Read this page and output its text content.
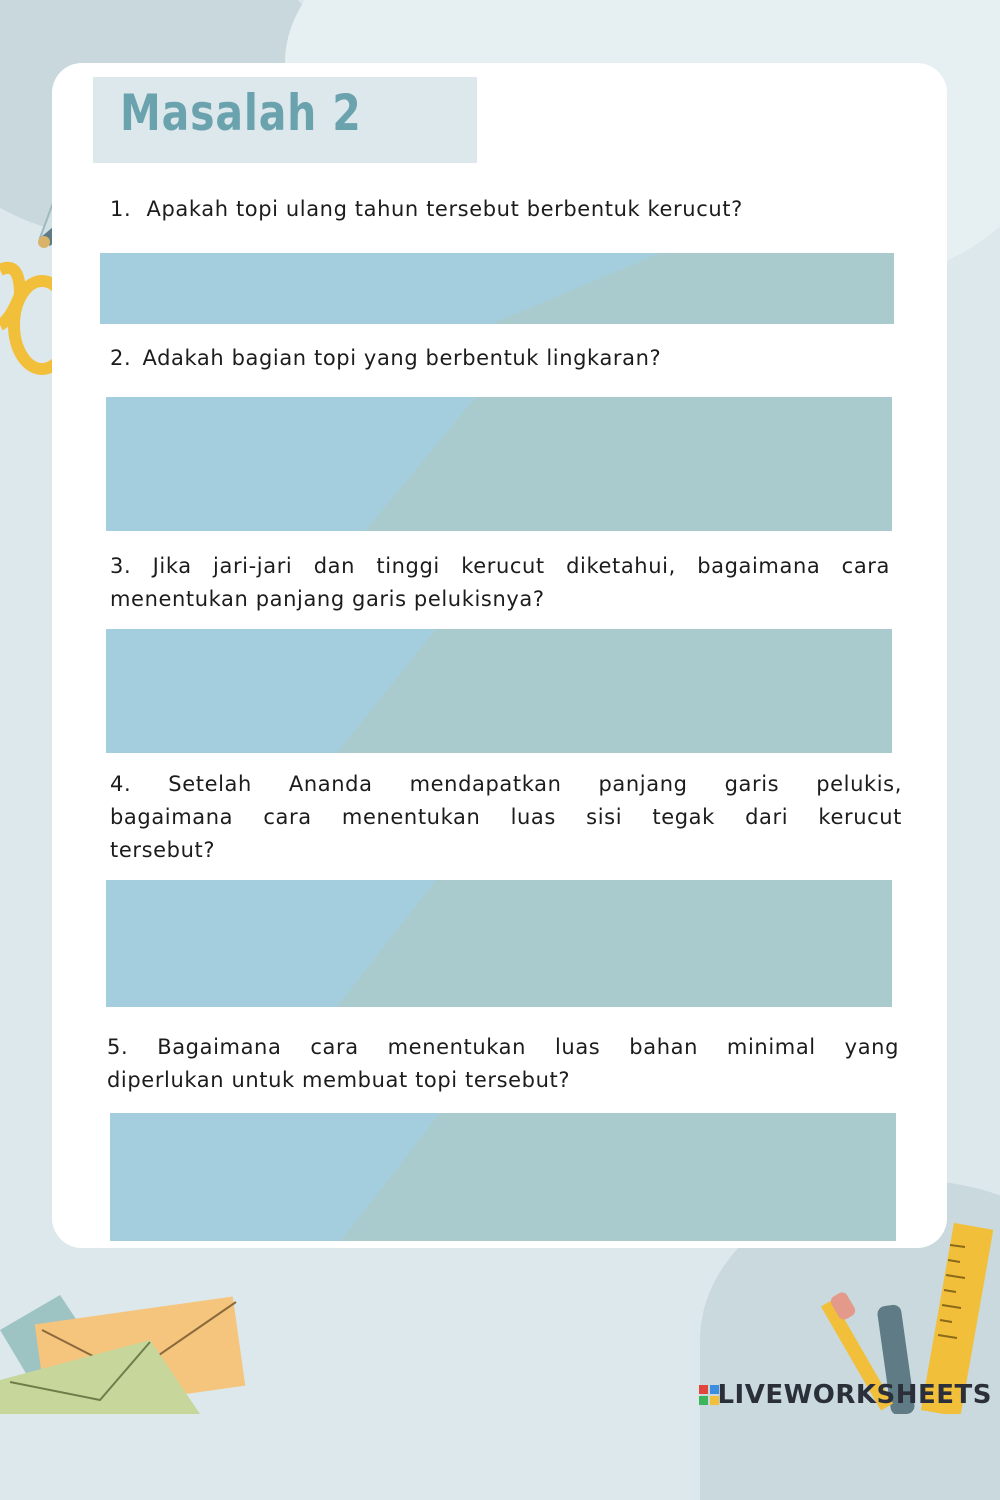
Masalah 2
1. Apakah topi ulang tahun tersebut berbentuk kerucut?
2. Adakah bagian topi yang berbentuk lingkaran?
3. Jika jari-jari dan tinggi kerucut diketahui, bagaimana cara
menentukan panjang garis pelukisnya?
4. Setelah Ananda mendapatkan panjang garis pelukis,
bagaimana cara menentukan luas sisi tegak dari kerucut
tersebut?
5. Bagaimana cara menentukan luas bahan minimal yang
diperlukan untuk membuat topi tersebut?
LIVEWORKSHEETS
